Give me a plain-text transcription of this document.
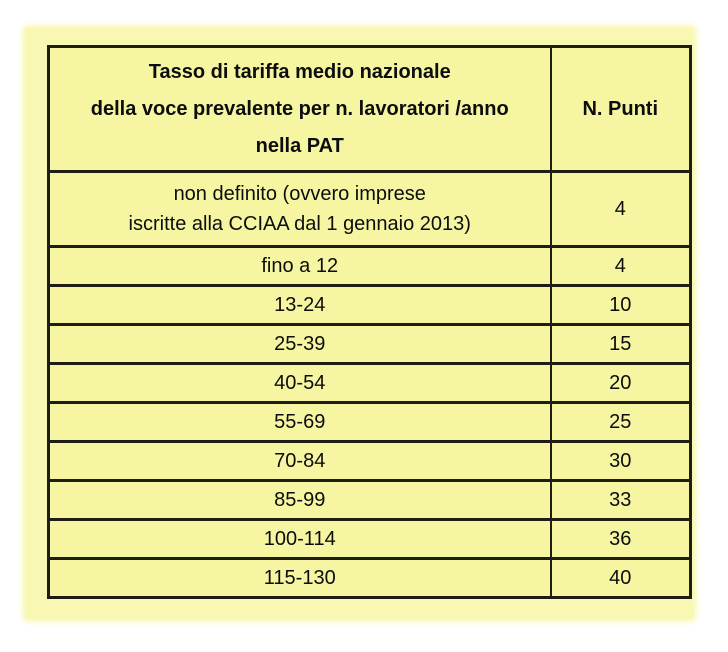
Tasso di tariffa medio nazionale
della voce prevalente per n. lavoratori /anno
nella PAT	N. Punti

non definito (ovvero imprese
iscritte alla CCIAA dal 1 gennaio 2013)	4

fino a 12	4

13-24	10

25-39	15

40-54	20

55-69	25

70-84	30

85-99	33

100-114	36

115-130	40
